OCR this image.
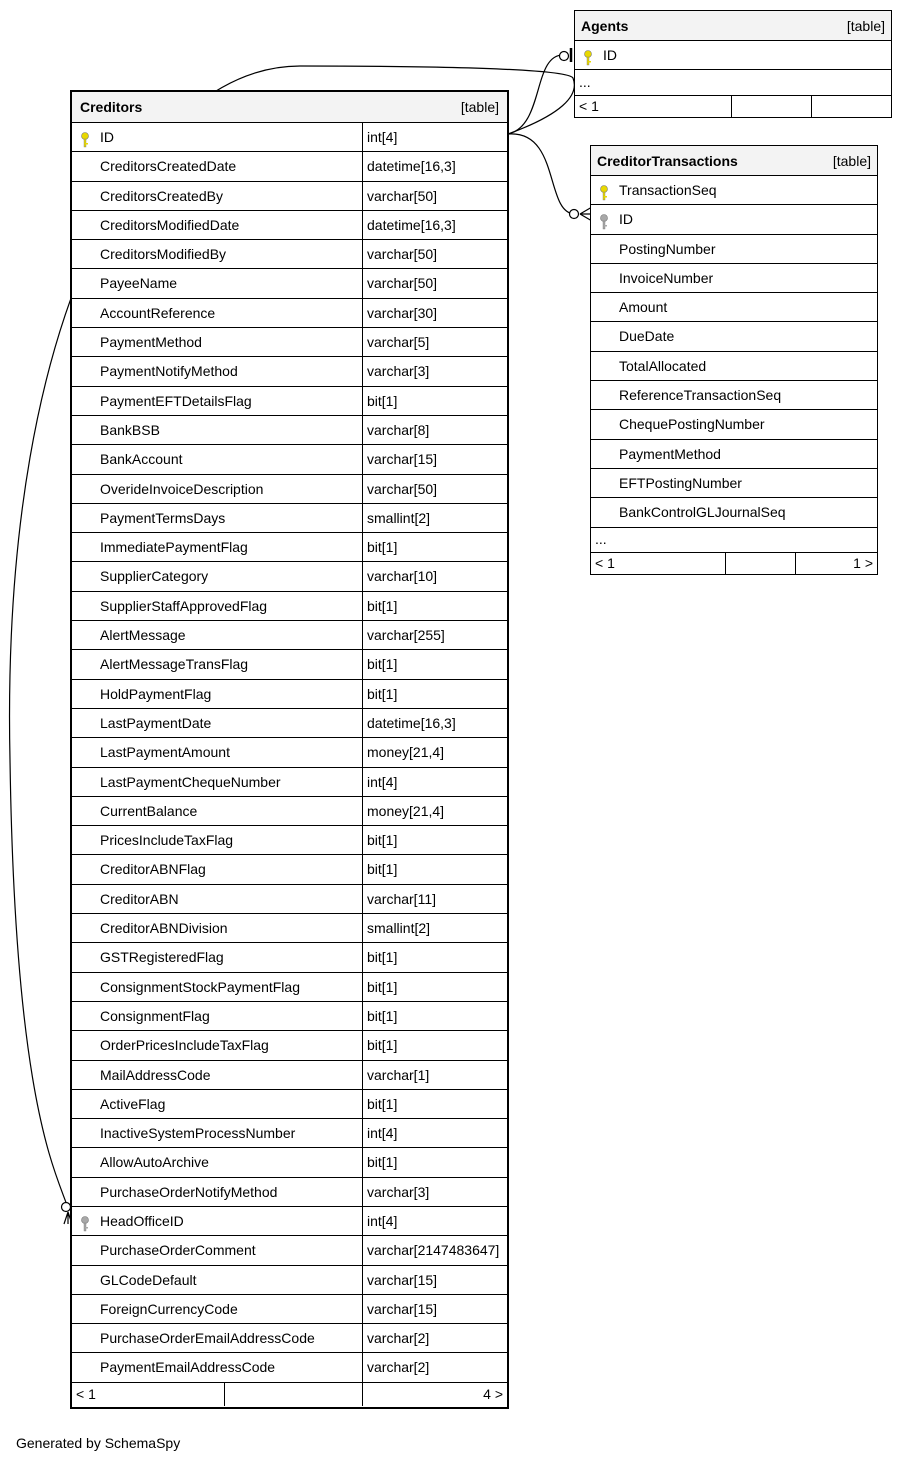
Agents	[table]
ID
...
< 1
CreditorTransactions	[table]
TransactionSeq
ID
PostingNumber
InvoiceNumber
Amount
DueDate
TotalAllocated
ReferenceTransactionSeq
ChequePostingNumber
PaymentMethod
EFTPostingNumber
BankControlGLJournalSeq
...
< 1	1 >
Creditors	[table]
ID	int[4]
CreditorsCreatedDate	datetime[16,3]
CreditorsCreatedBy	varchar[50]
CreditorsModifiedDate	datetime[16,3]
CreditorsModifiedBy	varchar[50]
PayeeName	varchar[50]
AccountReference	varchar[30]
PaymentMethod	varchar[5]
PaymentNotifyMethod	varchar[3]
PaymentEFTDetailsFlag	bit[1]
BankBSB	varchar[8]
BankAccount	varchar[15]
OverideInvoiceDescription	varchar[50]
PaymentTermsDays	smallint[2]
ImmediatePaymentFlag	bit[1]
SupplierCategory	varchar[10]
SupplierStaffApprovedFlag	bit[1]
AlertMessage	varchar[255]
AlertMessageTransFlag	bit[1]
HoldPaymentFlag	bit[1]
LastPaymentDate	datetime[16,3]
LastPaymentAmount	money[21,4]
LastPaymentChequeNumber	int[4]
CurrentBalance	money[21,4]
PricesIncludeTaxFlag	bit[1]
CreditorABNFlag	bit[1]
CreditorABN	varchar[11]
CreditorABNDivision	smallint[2]
GSTRegisteredFlag	bit[1]
ConsignmentStockPaymentFlag	bit[1]
ConsignmentFlag	bit[1]
OrderPricesIncludeTaxFlag	bit[1]
MailAddressCode	varchar[1]
ActiveFlag	bit[1]
InactiveSystemProcessNumber	int[4]
AllowAutoArchive	bit[1]
PurchaseOrderNotifyMethod	varchar[3]
HeadOfficeID	int[4]
PurchaseOrderComment	varchar[2147483647]
GLCodeDefault	varchar[15]
ForeignCurrencyCode	varchar[15]
PurchaseOrderEmailAddressCode	varchar[2]
PaymentEmailAddressCode	varchar[2]
< 1	4 >
Generated by SchemaSpy
